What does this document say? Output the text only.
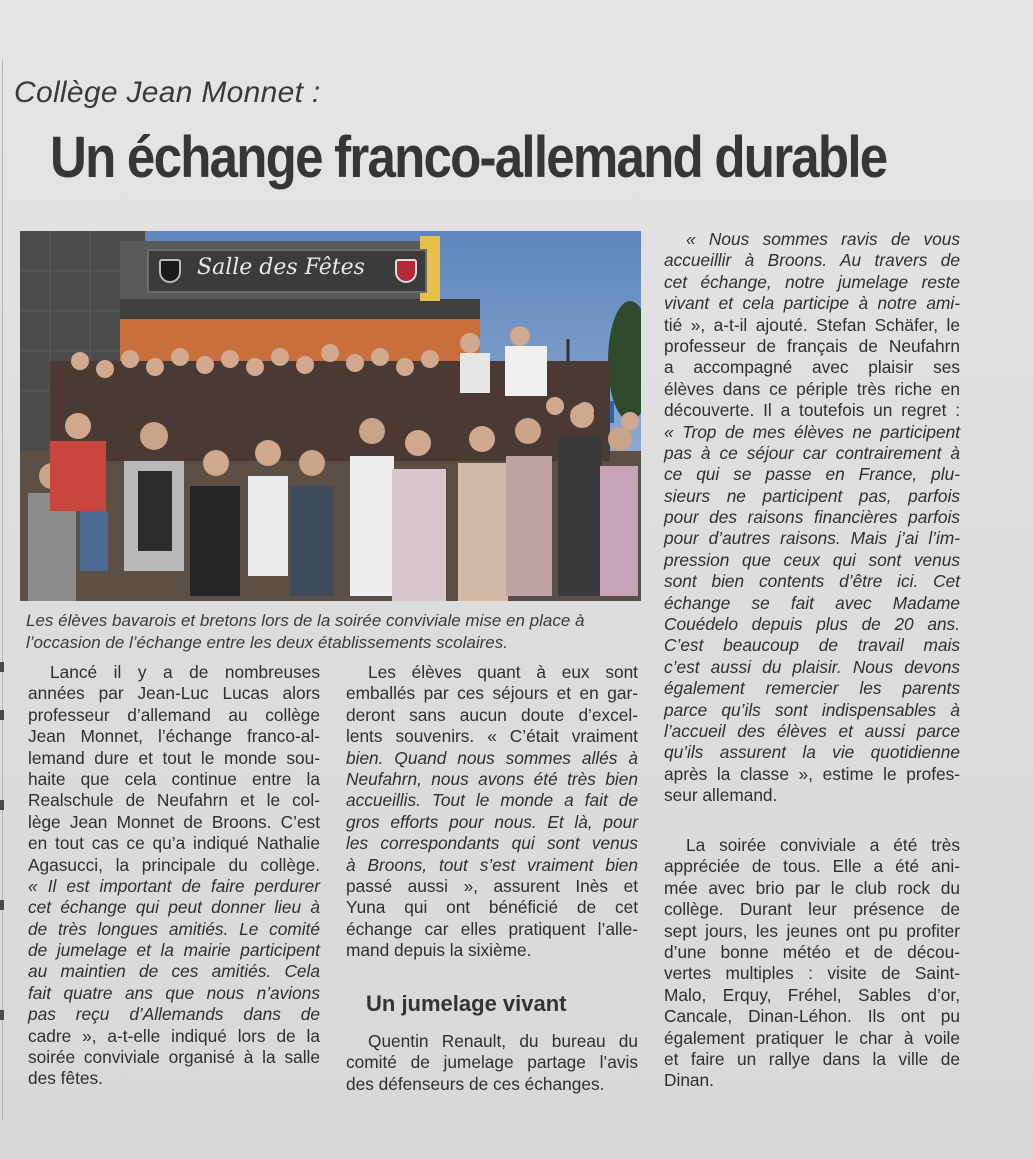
Collège Jean Monnet :
Un échange franco-allemand durable
Salle des Fêtes
Les élèves bavarois et bretons lors de la soirée conviviale mise en place à
l’occasion de l’échange entre les deux établissements scolaires.
Lancé il y a de nombreuses
années par Jean-Luc Lucas alors
professeur d’allemand au collège
Jean Monnet, l’échange franco-al-
lemand dure et tout le monde sou-
haite que cela continue entre la
Realschule de Neufahrn et le col-
lège Jean Monnet de Broons. C’est
en tout cas ce qu’a indiqué Nathalie
Agasucci, la principale du collège.
« Il est important de faire perdurer
cet échange qui peut donner lieu à
de très longues amitiés. Le comité
de jumelage et la mairie participent
au maintien de ces amitiés. Cela
fait quatre ans que nous n’avions
pas reçu d’Allemands dans de
cadre », a-t-elle indiqué lors de la
soirée conviviale organisé à la salle
des fêtes.
Les élèves quant à eux sont
emballés par ces séjours et en gar-
deront sans aucun doute d’excel-
lents souvenirs. « C’était vraiment
bien. Quand nous sommes allés à
Neufahrn, nous avons été très bien
accueillis. Tout le monde a fait de
gros efforts pour nous. Et là, pour
les correspondants qui sont venus
à Broons, tout s’est vraiment bien
passé aussi », assurent Inès et
Yuna qui ont bénéficié de cet
échange car elles pratiquent l’alle-
mand depuis la sixième.
Un jumelage vivant
Quentin Renault, du bureau du
comité de jumelage partage l’avis
des défenseurs de ces échanges.
« Nous sommes ravis de vous
accueillir à Broons. Au travers de
cet échange, notre jumelage reste
vivant et cela participe à notre ami-
tié », a-t-il ajouté. Stefan Schäfer, le
professeur de français de Neufahrn
a accompagné avec plaisir ses
élèves dans ce périple très riche en
découverte. Il a toutefois un regret :
« Trop de mes élèves ne participent
pas à ce séjour car contrairement à
ce qui se passe en France, plu-
sieurs ne participent pas, parfois
pour des raisons financières parfois
pour d’autres raisons. Mais j’ai l’im-
pression que ceux qui sont venus
sont bien contents d’être ici. Cet
échange se fait avec Madame
Couédelo depuis plus de 20 ans.
C’est beaucoup de travail mais
c’est aussi du plaisir. Nous devons
également remercier les parents
parce qu’ils sont indispensables à
l’accueil des élèves et aussi parce
qu’ils assurent la vie quotidienne
après la classe », estime le profes-
seur allemand.
La soirée conviviale a été très
appréciée de tous. Elle a été ani-
mée avec brio par le club rock du
collège. Durant leur présence de
sept jours, les jeunes ont pu profiter
d’une bonne météo et de décou-
vertes multiples : visite de Saint-
Malo, Erquy, Fréhel, Sables d’or,
Cancale, Dinan-Léhon. Ils ont pu
également pratiquer le char à voile
et faire un rallye dans la ville de
Dinan.
